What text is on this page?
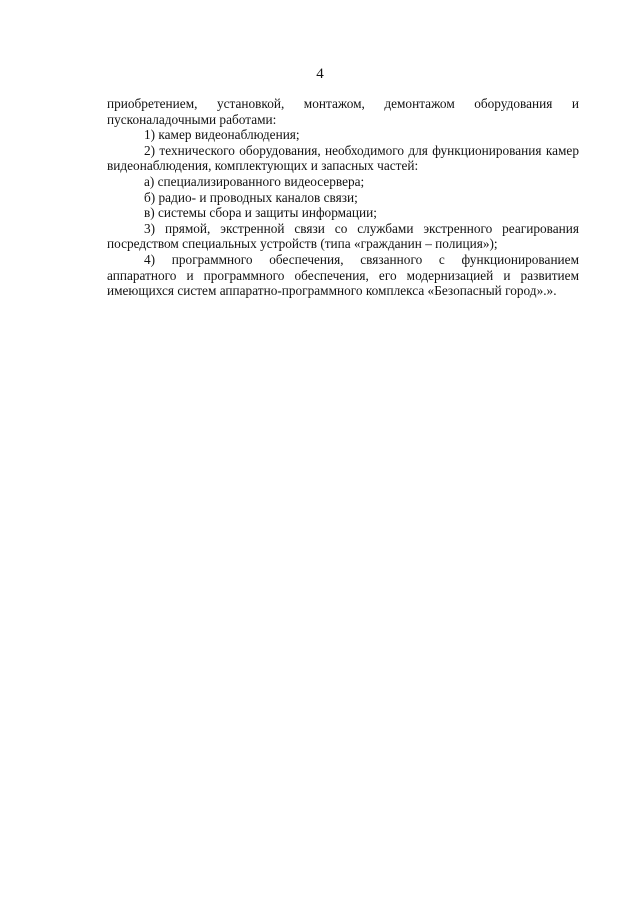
4

приобретением, установкой, монтажом, демонтажом оборудования и пусконаладочными работами:

1) камер видеонаблюдения;

2) технического оборудования, необходимого для функционирования камер видеонаблюдения, комплектующих и запасных частей:

а) специализированного видеосервера;

б) радио- и проводных каналов связи;

в) системы сбора и защиты информации;

3) прямой, экстренной связи со службами экстренного реагирования посредством специальных устройств (типа «гражданин – полиция»);

4) программного обеспечения, связанного с функционированием аппаратного и программного обеспечения, его модернизацией и развитием имеющихся систем аппаратно-программного комплекса «Безопасный город».».
